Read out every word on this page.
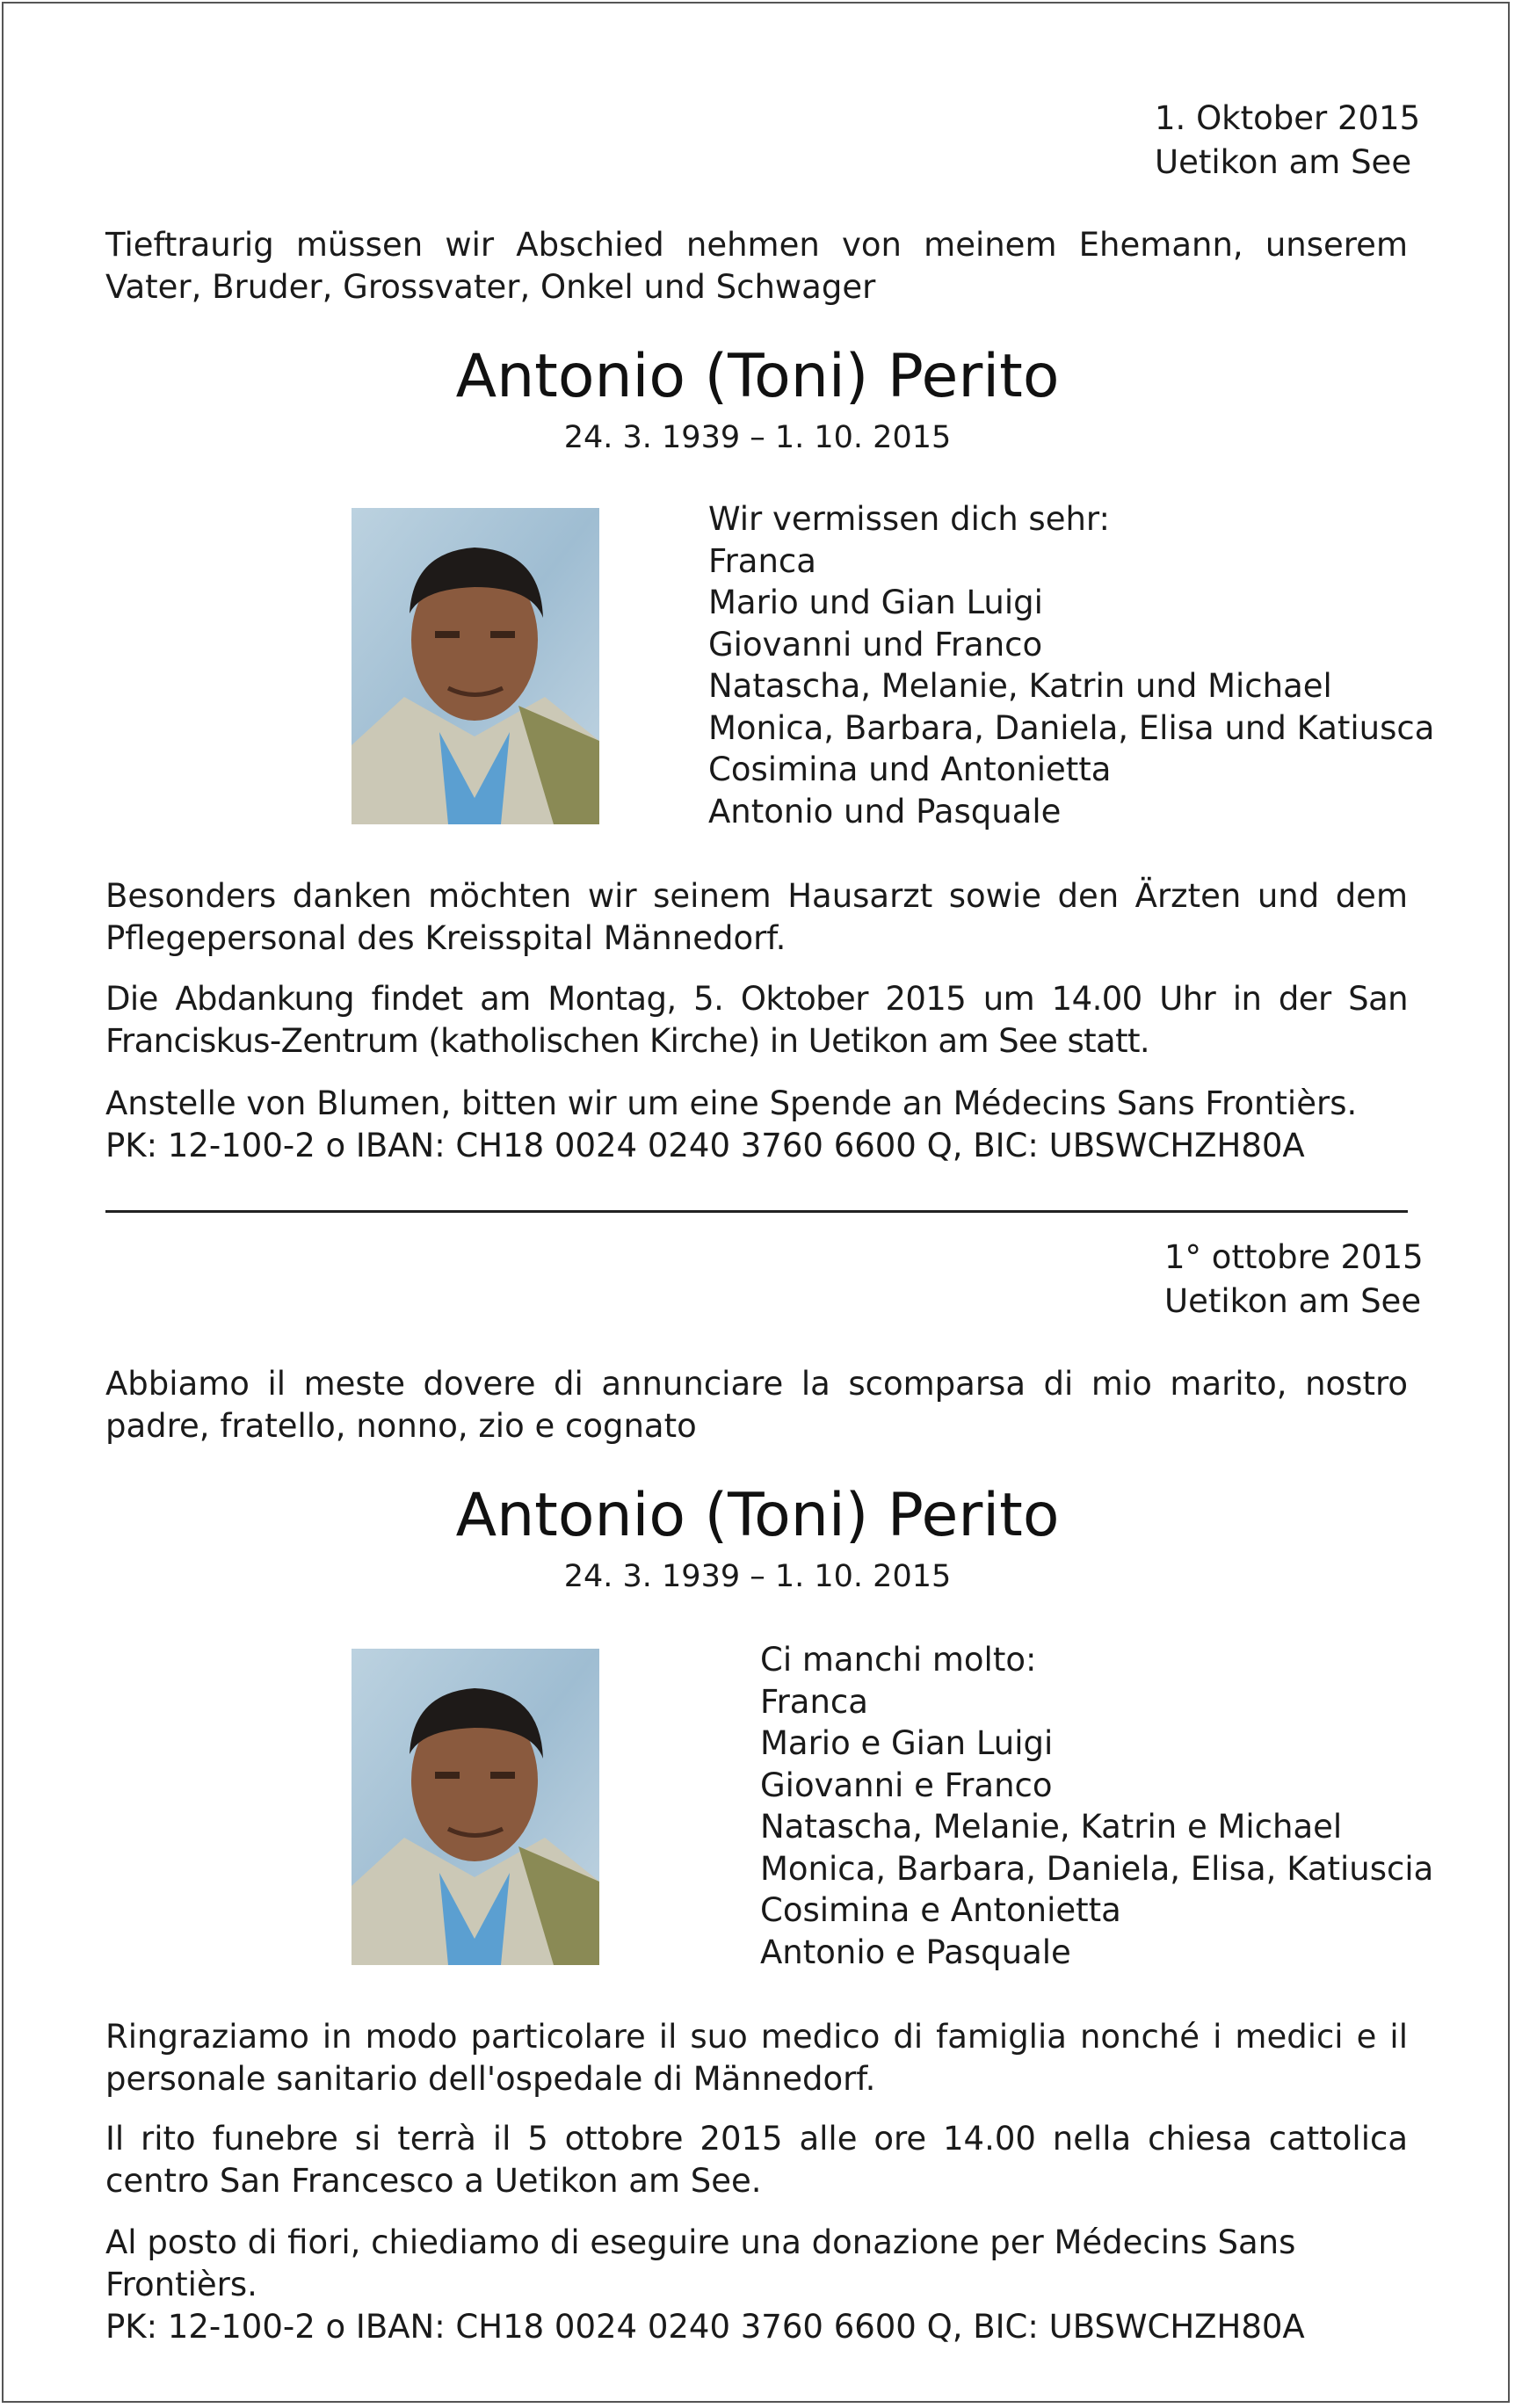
1. Oktober 2015
Uetikon am See
Tieftraurig müssen wir Abschied nehmen von meinem Ehemann, unserem Vater, Bruder, Grossvater, Onkel und Schwager
Antonio (Toni) Perito
24. 3. 1939 – 1. 10. 2015
Wir vermissen dich sehr:
Franca
Mario und Gian Luigi
Giovanni und Franco
Natascha, Melanie, Katrin und Michael
Monica, Barbara, Daniela, Elisa und Katiusca
Cosimina und Antonietta
Antonio und Pasquale
Besonders danken möchten wir seinem Hausarzt sowie den Ärzten und dem Pflegepersonal des Kreisspital Männedorf.
Die Abdankung findet am Montag, 5. Oktober 2015 um 14.00 Uhr in der San Franciskus-Zentrum (katholischen Kirche) in Uetikon am See statt.
Anstelle von Blumen, bitten wir um eine Spende an Médecins Sans Frontièrs.
PK: 12-100-2 o IBAN: CH18 0024 0240 3760 6600 Q, BIC: UBSWCHZH80A
1° ottobre 2015
Uetikon am See
Abbiamo il meste dovere di annunciare la scomparsa di mio marito, nostro padre, fratello, nonno, zio e cognato
Antonio (Toni) Perito
24. 3. 1939 – 1. 10. 2015
Ci manchi molto:
Franca
Mario e Gian Luigi
Giovanni e Franco
Natascha, Melanie, Katrin e Michael
Monica, Barbara, Daniela, Elisa, Katiuscia
Cosimina e Antonietta
Antonio e Pasquale
Ringraziamo in modo particolare il suo medico di famiglia nonché i medici e il personale sanitario dell'ospedale di Männedorf.
Il rito funebre si terrà il 5 ottobre 2015 alle ore 14.00 nella chiesa cattolica centro San Francesco a Uetikon am See.
Al posto di fiori, chiediamo di eseguire una donazione per Médecins Sans Frontièrs.
PK: 12-100-2 o IBAN: CH18 0024 0240 3760 6600 Q, BIC: UBSWCHZH80A
